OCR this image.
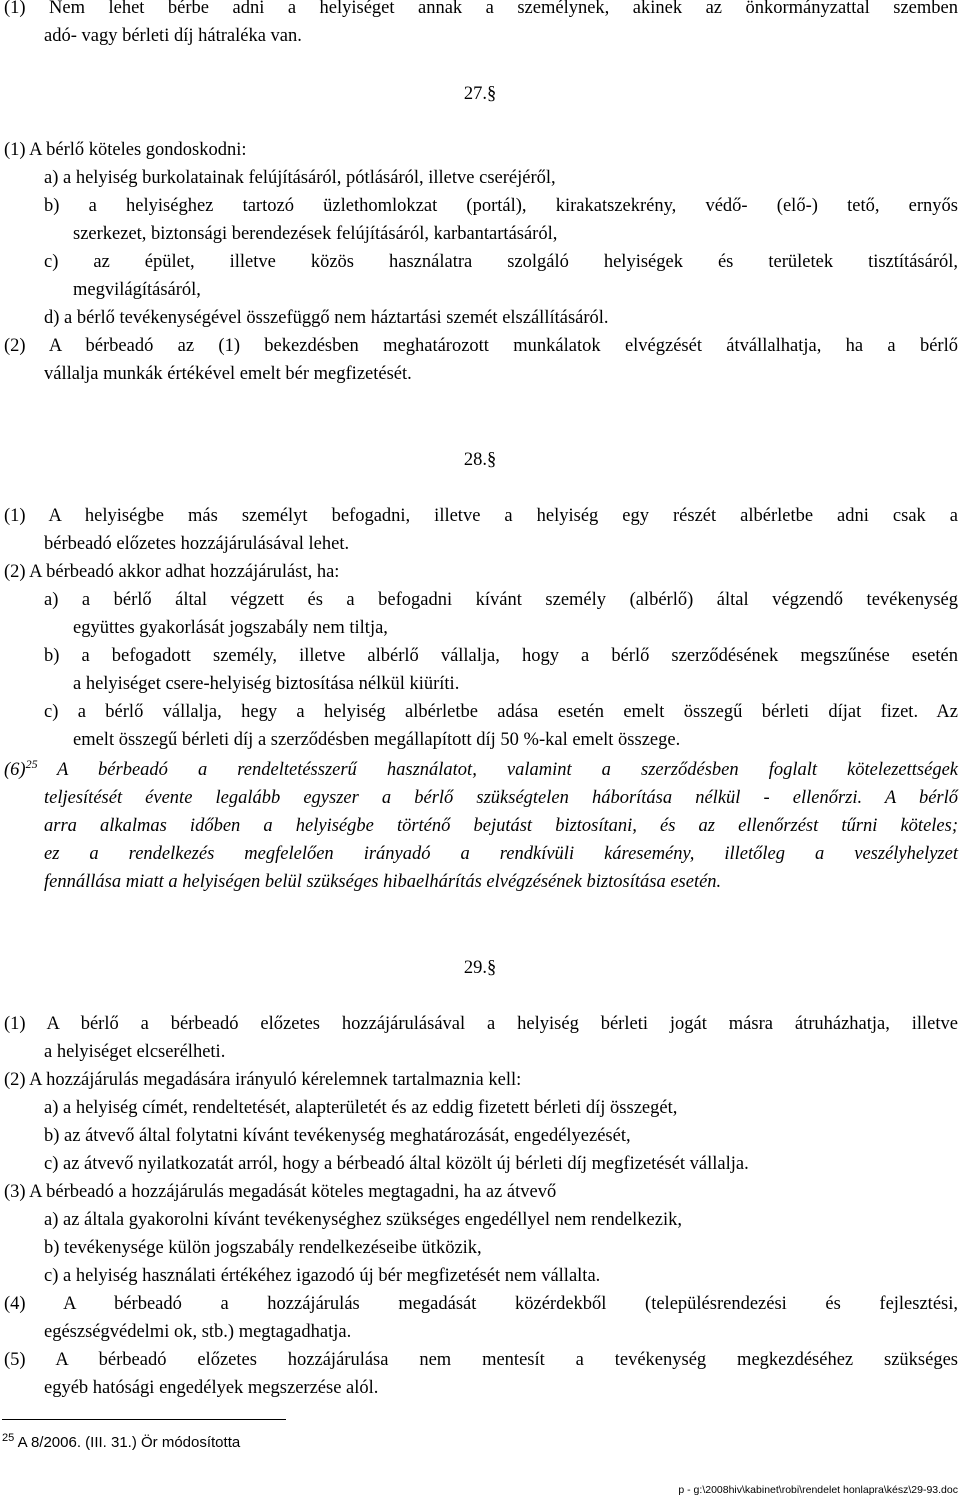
(1) Nem lehet bérbe adni a helyiséget annak a személynek, akinek az önkormányzattal szemben
adó- vagy bérleti díj hátraléka van.
27.§
(1) A bérlő köteles gondoskodni:
a) a helyiség burkolatainak felújításáról, pótlásáról, illetve cseréjéről,
b) a helyiséghez tartozó üzlethomlokzat (portál), kirakatszekrény, védő- (elő-) tető, ernyős
szerkezet, biztonsági berendezések felújításáról, karbantartásáról,
c) az épület, illetve közös használatra szolgáló helyiségek és területek tisztításáról,
megvilágításáról,
d) a bérlő tevékenységével összefüggő nem háztartási szemét elszállításáról.
(2) A bérbeadó az (1) bekezdésben meghatározott munkálatok elvégzését átvállalhatja, ha a bérlő
vállalja munkák értékével emelt bér megfizetését.
28.§
(1) A helyiségbe más személyt befogadni, illetve a helyiség egy részét albérletbe adni csak a
bérbeadó előzetes hozzájárulásával lehet.
(2) A bérbeadó akkor adhat hozzájárulást, ha:
a) a bérlő által végzett és a befogadni kívánt személy (albérlő) által végzendő tevékenység
együttes gyakorlását jogszabály nem tiltja,
b) a befogadott személy, illetve albérlő vállalja, hogy a bérlő szerződésének megszűnése esetén
a helyiséget csere-helyiség biztosítása nélkül kiüríti.
c) a bérlő vállalja, hegy a helyiség albérletbe adása esetén emelt összegű bérleti díjat fizet. Az
emelt összegű bérleti díj a szerződésben megállapított díj 50 %-kal emelt összege.
$(6)^{25}$ A bérbeadó a rendeltetésszerű használatot, valamint a szerződésben foglalt kötelezettségek
teljesítését évente legalább egyszer a bérlő szükségtelen háborítása nélkül - ellenőrzi. A bérlő
arra alkalmas időben a helyiségbe történő bejutást biztosítani, és az ellenőrzést tűrni köteles;
ez a rendelkezés megfelelően irányadó a rendkívüli káresemény, illetőleg a veszélyhelyzet
fennállása miatt a helyiségen belül szükséges hibaelhárítás elvégzésének biztosítása esetén.
29.§
(1) A bérlő a bérbeadó előzetes hozzájárulásával a helyiség bérleti jogát másra átruházhatja, illetve
a helyiséget elcserélheti.
(2) A hozzájárulás megadására irányuló kérelemnek tartalmaznia kell:
a) a helyiség címét, rendeltetését, alapterületét és az eddig fizetett bérleti díj összegét,
b) az átvevő által folytatni kívánt tevékenység meghatározását, engedélyezését,
c) az átvevő nyilatkozatát arról, hogy a bérbeadó által közölt új bérleti díj megfizetését vállalja.
(3) A bérbeadó a hozzájárulás megadását köteles megtagadni, ha az átvevő
a) az általa gyakorolni kívánt tevékenységhez szükséges engedéllyel nem rendelkezik,
b) tevékenysége külön jogszabály rendelkezéseibe ütközik,
c) a helyiség használati értékéhez igazodó új bér megfizetését nem vállalta.
(4) A bérbeadó a hozzájárulás megadását közérdekből (településrendezési és fejlesztési,
egészségvédelmi ok, stb.) megtagadhatja.
(5) A bérbeadó előzetes hozzájárulása nem mentesít a tevékenység megkezdéséhez szükséges
egyéb hatósági engedélyek megszerzése alól.
$^{25}$ A 8/2006. (III. 31.) Ör módosította
p - g:\2008hiv\kabinet\robi\rendelet honlapra\kész\29-93.doc
